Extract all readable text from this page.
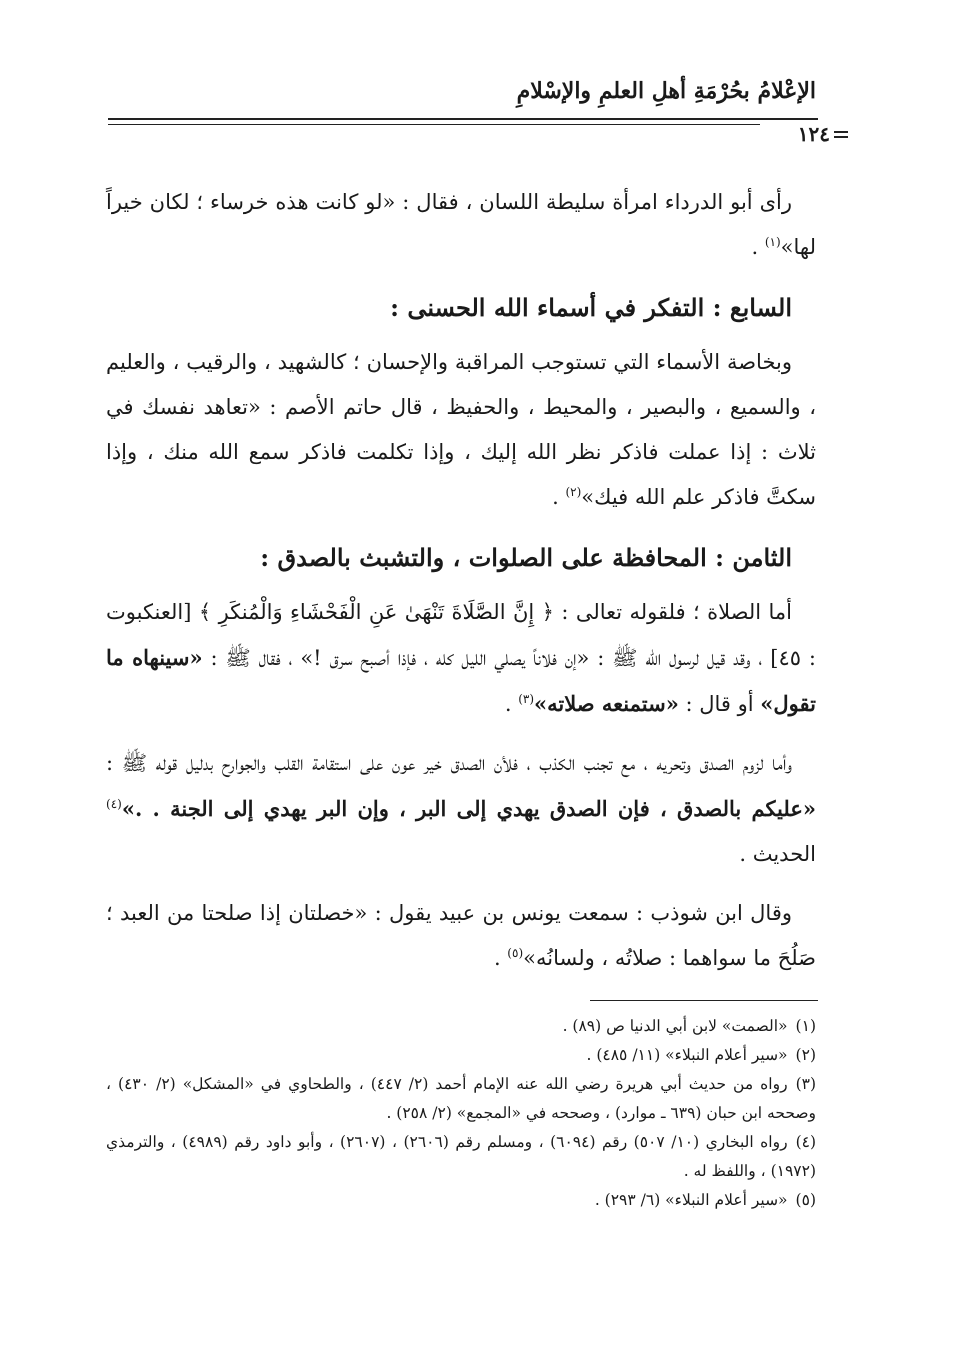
الإعْلامُ بحُرْمَةِ أهلِ العلمِ والإسْلامِ
١٢٤

رأى أبو الدرداء امرأة سليطة اللسان ، فقال : «لو كانت هذه خرساء ؛ لكان خيراً لها»$^{(١)}$ .

السابع : التفكر في أسماء الله الحسنى :

وبخاصة الأسماء التي تستوجب المراقبة والإحسان ؛ كالشهيد ، والرقيب ، والعليم ، والسميع ، والبصير ، والمحيط ، والحفيظ ، قال حاتم الأصم : «تعاهد نفسك في ثلاث : إذا عملت فاذكر نظر الله إليك ، وإذا تكلمت فاذكر سمع الله منك ، وإذا سكتَّ فاذكر علم الله فيك»$^{(٢)}$ .

الثامن : المحافظة على الصلوات ، والتشبث بالصدق :

أما الصلاة ؛ فلقوله تعالى : ﴿ إِنَّ الصَّلَاةَ تَنْهَىٰ عَنِ الْفَحْشَاءِ وَالْمُنكَرِ ﴾ [العنكبوت : ٤٥] ، وقد قيل لرسول الله ﷺ : «إن فلاناً يصلي الليل كله ، فإذا أصبح سرق !» ، فقال ﷺ : «سينهاه ما تقول» أو قال : «ستمنعه صلاته»$^{(٣)}$ .

وأما لزوم الصدق وتحريه ، مع تجنب الكذب ، فلأن الصدق خير عون على استقامة القلب والجوارح بدليل قوله ﷺ : «عليكم بالصدق ، فإن الصدق يهدي إلى البر ، وإن البر يهدي إلى الجنة . .»$^{(٤)}$ الحديث .

وقال ابن شوذب : سمعت يونس بن عبيد يقول : «خصلتان إذا صلحتا من العبد ؛ صَلُحَ ما سواهما : صلاتُه ، ولسانُه»$^{(٥)}$ .

(١)«الصمت» لابن أبي الدنيا ص (٨٩) .

(٢)«سير أعلام النبلاء» (١١/ ٤٨٥) .

(٣)رواه من حديث أبي هريرة رضي الله عنه الإمام أحمد (٢/ ٤٤٧) ، والطحاوي في «المشكل» (٢/ ٤٣٠) ، وصححه ابن حبان (٦٣٩ ـ موارد) ، وصححه في «المجمع» (٢/ ٢٥٨) .

(٤)رواه البخاري (١٠/ ٥٠٧) رقم (٦٠٩٤) ، ومسلم رقم (٢٦٠٦) ، (٢٦٠٧) ، وأبو داود رقم (٤٩٨٩) ، والترمذي (١٩٧٢) ، واللفظ له .

(٥)«سير أعلام النبلاء» (٦/ ٢٩٣) .
